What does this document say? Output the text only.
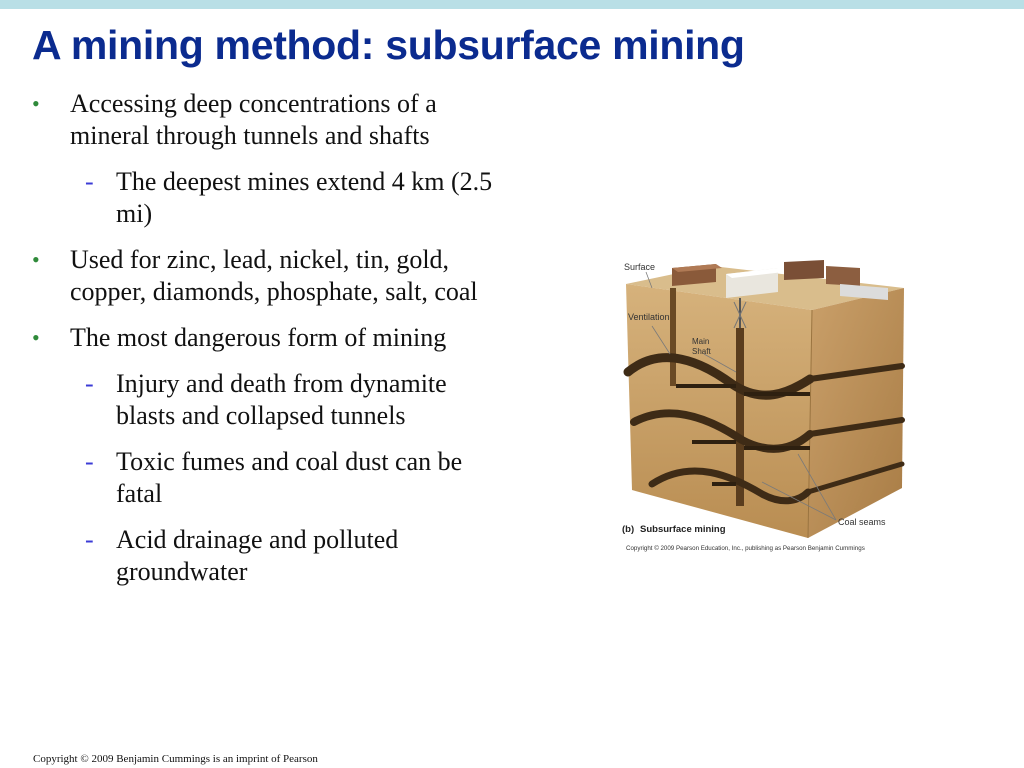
A mining method: subsurface mining
• Accessing deep concentrations of a mineral through tunnels and shafts
- The deepest mines extend 4 km (2.5 mi)
• Used for zinc, lead, nickel, tin, gold, copper, diamonds, phosphate, salt, coal
• The most dangerous form of mining
- Injury and death from dynamite blasts and collapsed tunnels
- Toxic fumes and coal dust can be fatal
- Acid drainage and polluted groundwater
Surface
Ventilation
Main
Shaft
Coal seams
(b) Subsurface mining
Copyright © 2009 Pearson Education, Inc., publishing as Pearson Benjamin Cummings
Copyright © 2009 Benjamin Cummings is an imprint of Pearson
